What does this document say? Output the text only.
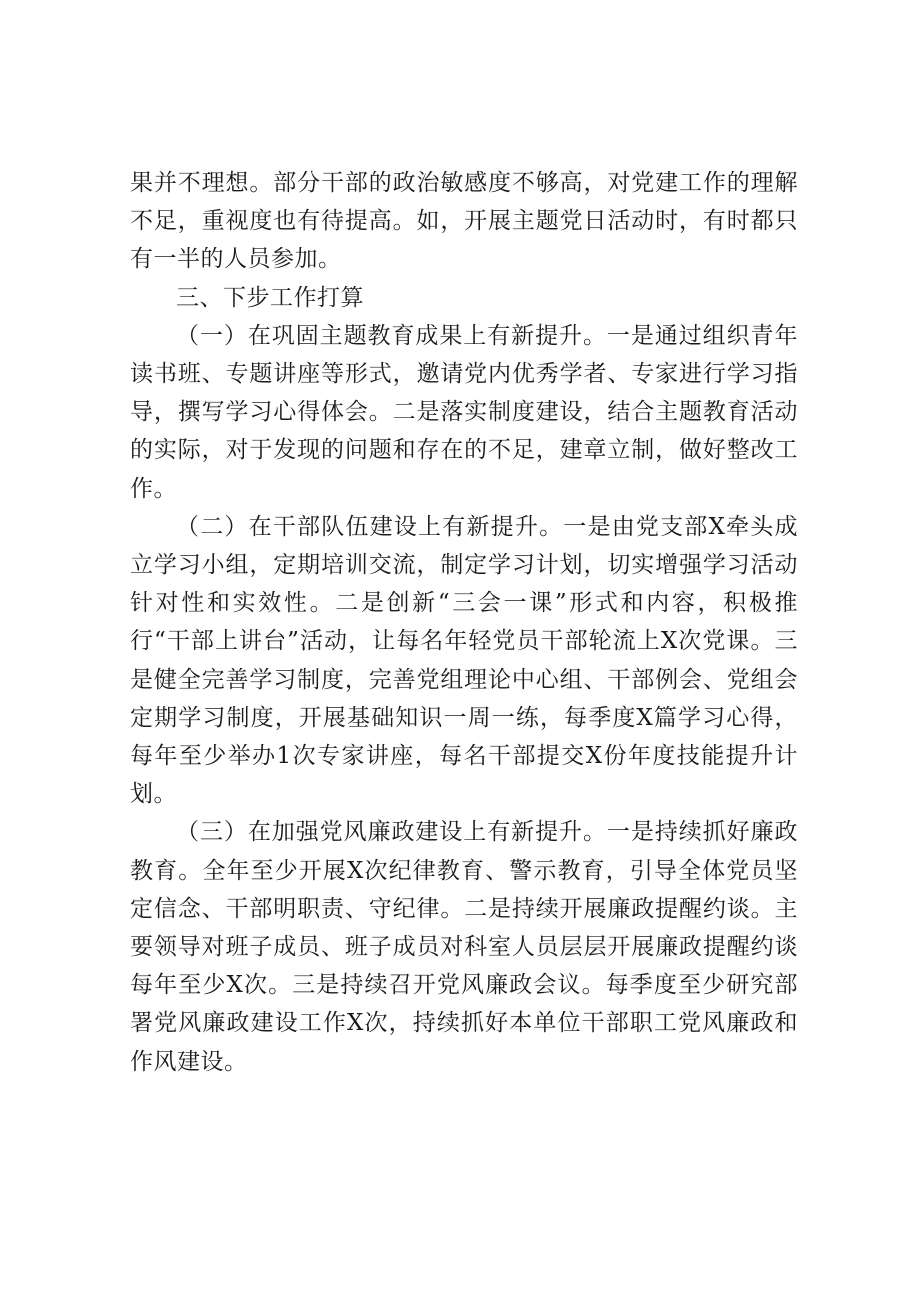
果并不理想。部分干部的政治敏感度不够高，对党建工作的理解不足，重视度也有待提高。如，开展主题党日活动时，有时都只有一半的人员参加。

三、下步工作打算

（一）在巩固主题教育成果上有新提升。一是通过组织青年读书班、专题讲座等形式，邀请党内优秀学者、专家进行学习指导，撰写学习心得体会。二是落实制度建设，结合主题教育活动的实际，对于发现的问题和存在的不足，建章立制，做好整改工作。

（二）在干部队伍建设上有新提升。一是由党支部X牵头成立学习小组，定期培训交流，制定学习计划，切实增强学习活动针对性和实效性。二是创新“三会一课”形式和内容，积极推行“干部上讲台”活动，让每名年轻党员干部轮流上X次党课。三是健全完善学习制度，完善党组理论中心组、干部例会、党组会定期学习制度，开展基础知识一周一练，每季度X篇学习心得，每年至少举办1次专家讲座，每名干部提交X份年度技能提升计划。

（三）在加强党风廉政建设上有新提升。一是持续抓好廉政教育。全年至少开展X次纪律教育、警示教育，引导全体党员坚定信念、干部明职责、守纪律。二是持续开展廉政提醒约谈。主要领导对班子成员、班子成员对科室人员层层开展廉政提醒约谈每年至少X次。三是持续召开党风廉政会议。每季度至少研究部署党风廉政建设工作X次，持续抓好本单位干部职工党风廉政和作风建设。
